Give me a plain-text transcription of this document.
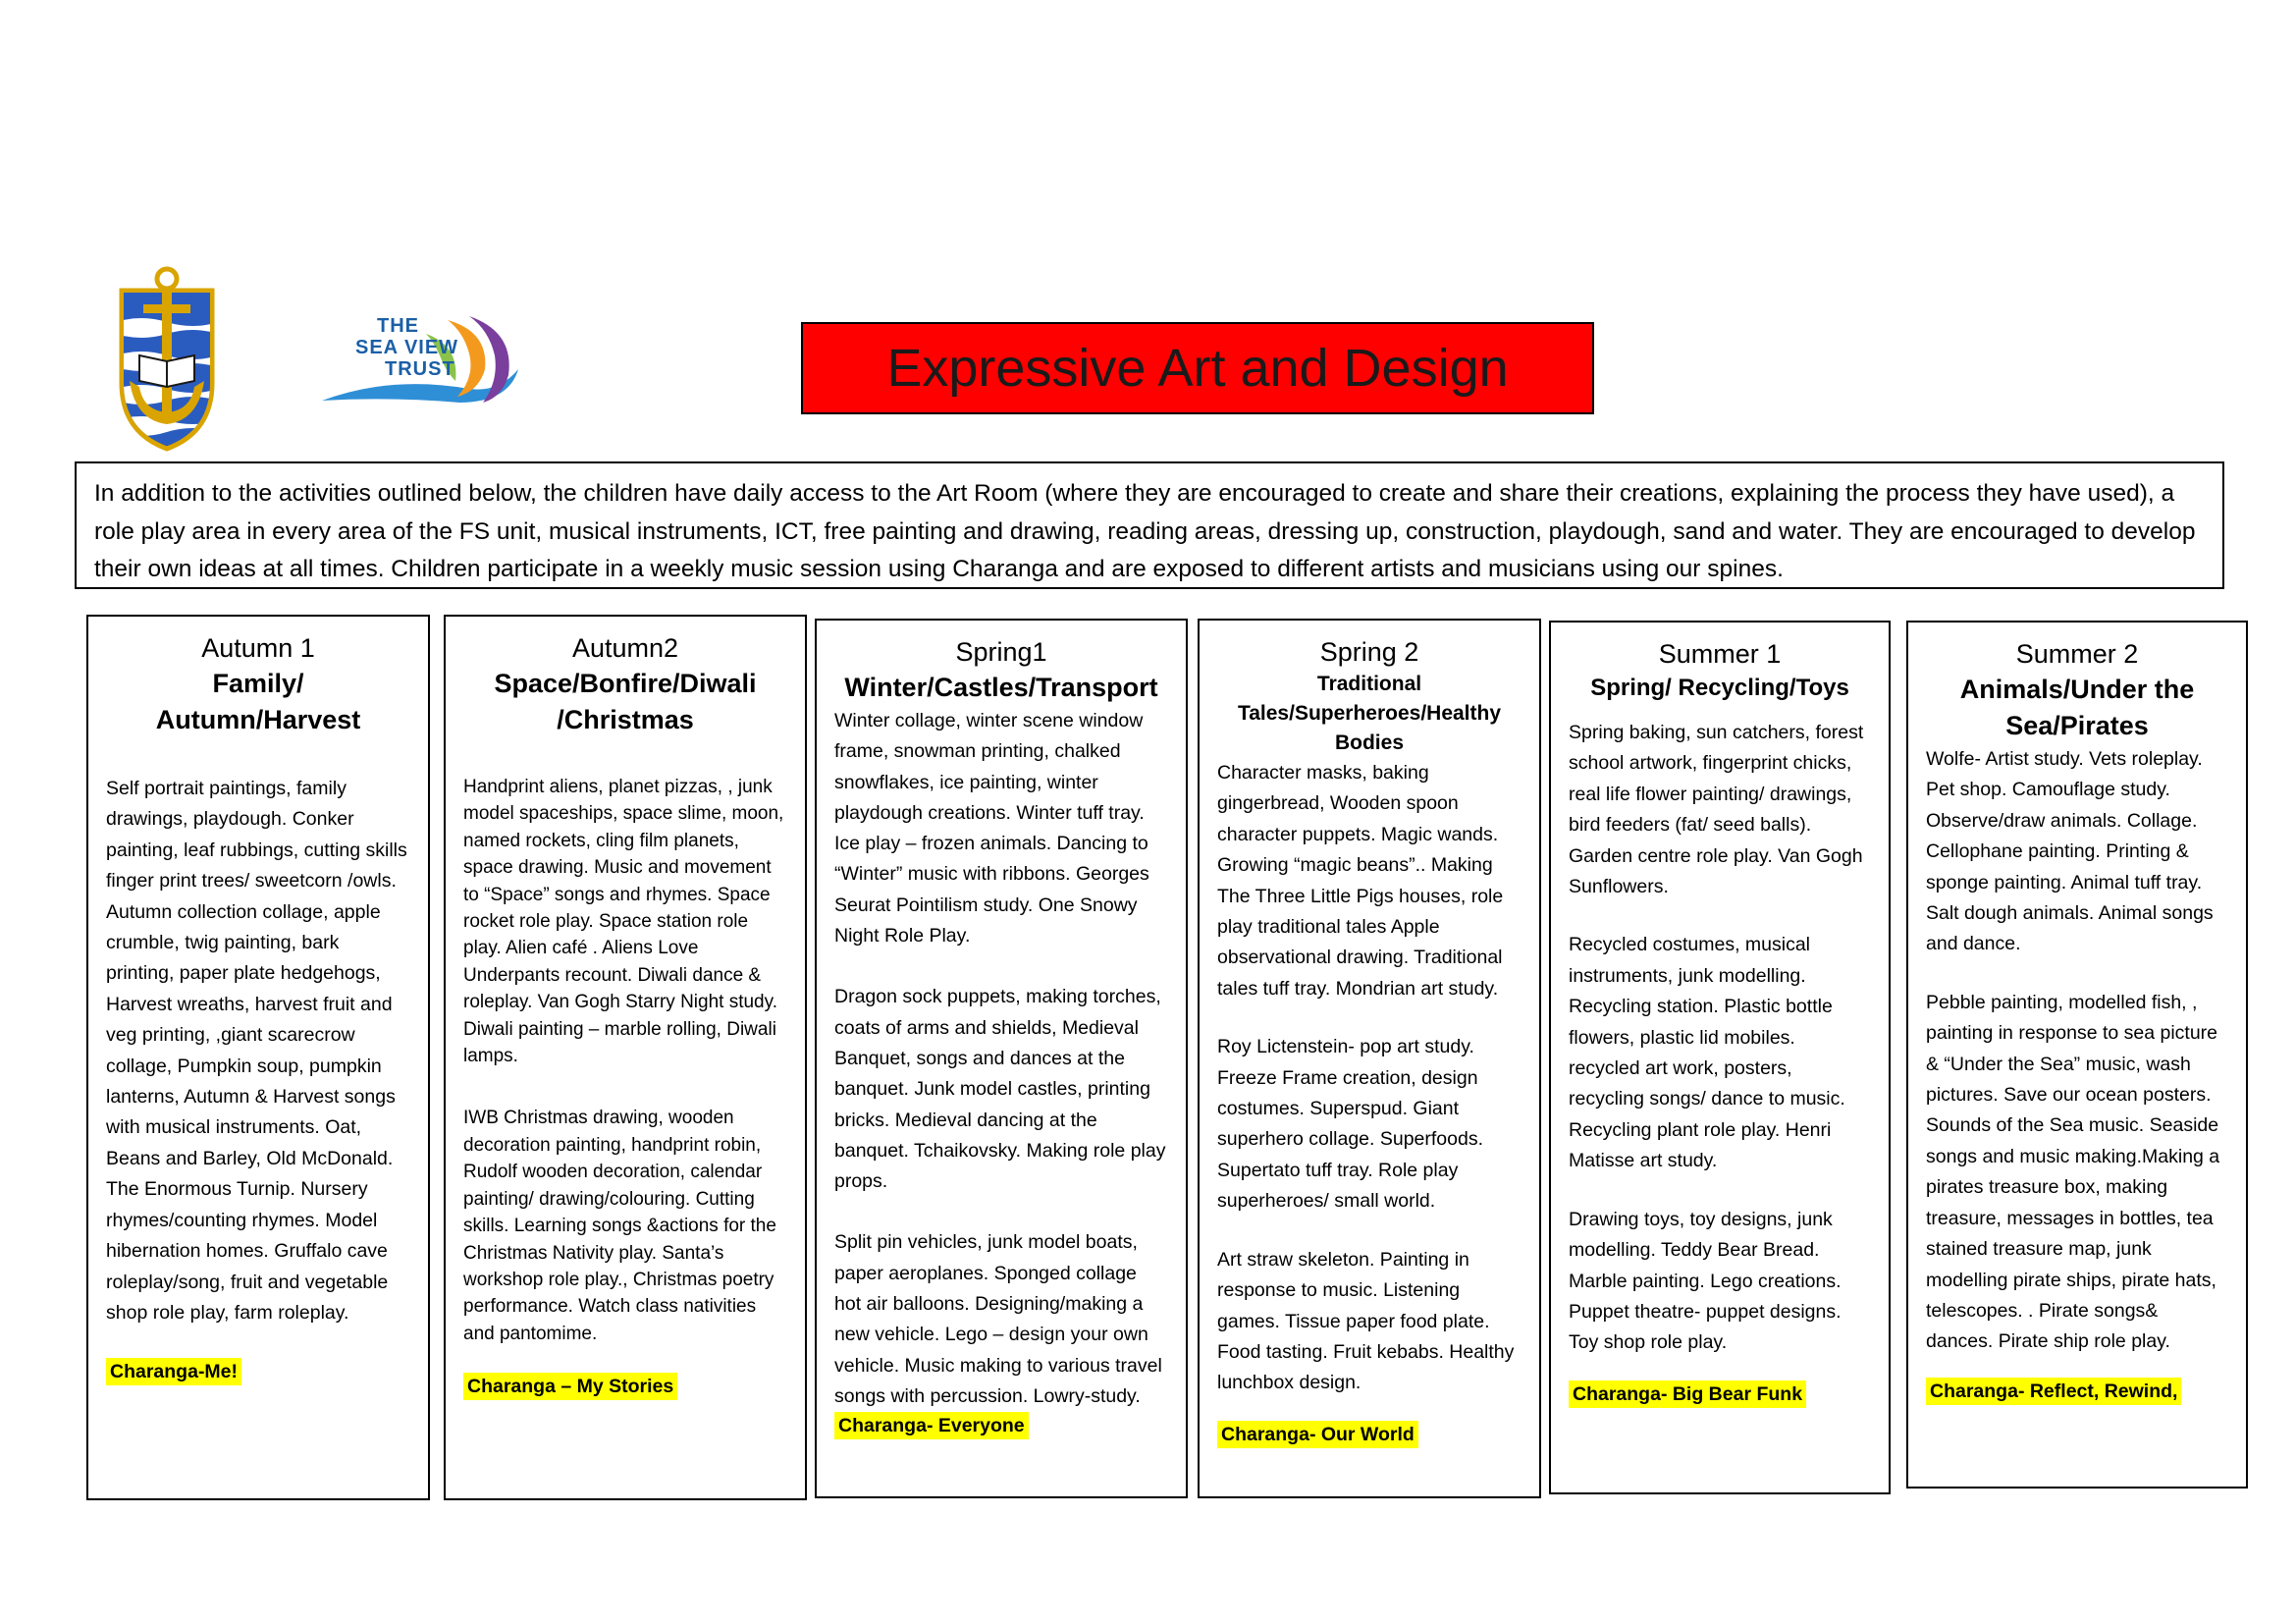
THE
SEA VIEW
TRUST	Expressive Art and Design
In addition to the activities outlined below, the children have daily access to the Art Room (where they are encouraged to create and share their creations, explaining the process they have used), a role play area in every area of the FS unit, musical instruments, ICT, free painting and drawing, reading areas, dressing up, construction, playdough, sand and water. They are encouraged to develop their own ideas at all times. Children participate in a weekly music session using Charanga and are exposed to different artists and musicians using our spines.
Autumn 1
Family/ Autumn/Harvest

Self portrait paintings, family drawings, playdough. Conker painting, leaf rubbings, cutting skills finger print trees/ sweetcorn /owls. Autumn collection collage, apple crumble, twig painting, bark printing, paper plate hedgehogs, Harvest wreaths, harvest fruit and veg printing, ,giant scarecrow collage, Pumpkin soup, pumpkin lanterns, Autumn & Harvest songs with musical instruments. Oat, Beans and Barley, Old McDonald. The Enormous Turnip. Nursery rhymes/counting rhymes. Model hibernation homes. Gruffalo cave roleplay/song, fruit and vegetable shop role play, farm roleplay.

Charanga-Me!
Autumn2
Space/Bonfire/Diwali /Christmas

Handprint aliens, planet pizzas, , junk model spaceships, space slime, moon, named rockets, cling film planets, space drawing. Music and movement to “Space” songs and rhymes. Space rocket role play. Space station role play. Alien café . Aliens Love Underpants recount. Diwali dance & roleplay. Van Gogh Starry Night study. Diwali painting – marble rolling, Diwali lamps.

IWB Christmas drawing, wooden decoration painting, handprint robin, Rudolf wooden decoration, calendar painting/ drawing/colouring. Cutting skills. Learning songs &actions for the Christmas Nativity play. Santa’s workshop role play., Christmas poetry performance. Watch class nativities and pantomime.

Charanga – My Stories
Spring1
Winter/Castles/Transport

Winter collage, winter scene window frame, snowman printing, chalked snowflakes, ice painting, winter playdough creations. Winter tuff tray. Ice play – frozen animals. Dancing to “Winter” music with ribbons. Georges Seurat Pointilism study. One Snowy Night Role Play.

Dragon sock puppets, making torches, coats of arms and shields, Medieval Banquet, songs and dances at the banquet. Junk model castles, printing bricks. Medieval dancing at the banquet. Tchaikovsky. Making role play props.

Split pin vehicles, junk model boats, paper aeroplanes. Sponged collage hot air balloons. Designing/making a new vehicle. Lego – design your own vehicle. Music making to various travel songs with percussion. Lowry-study.

Charanga- Everyone
Spring 2
Traditional Tales/Superheroes/Healthy Bodies

Character masks, baking gingerbread, Wooden spoon character puppets. Magic wands. Growing “magic beans”.. Making The Three Little Pigs houses, role play traditional tales Apple observational drawing. Traditional tales tuff tray. Mondrian art study.

Roy Lictenstein- pop art study. Freeze Frame creation, design costumes. Superspud. Giant superhero collage. Superfoods. Supertato tuff tray. Role play superheroes/ small world.

Art straw skeleton. Painting in response to music. Listening games. Tissue paper food plate. Food tasting. Fruit kebabs. Healthy lunchbox design.

Charanga- Our World
Summer 1
Spring/ Recycling/Toys

Spring baking, sun catchers, forest school artwork, fingerprint chicks, real life flower painting/ drawings, bird feeders (fat/ seed balls). Garden centre role play. Van Gogh Sunflowers.

Recycled costumes, musical instruments, junk modelling. Recycling station. Plastic bottle flowers, plastic lid mobiles. recycled art work, posters, recycling songs/ dance to music. Recycling plant role play. Henri Matisse art study.

Drawing toys, toy designs, junk modelling. Teddy Bear Bread. Marble painting. Lego creations. Puppet theatre- puppet designs. Toy shop role play.

Charanga- Big Bear Funk
Summer 2
Animals/Under the Sea/Pirates

Wolfe- Artist study. Vets roleplay. Pet shop. Camouflage study. Observe/draw animals. Collage. Cellophane painting. Printing & sponge painting. Animal tuff tray. Salt dough animals. Animal songs and dance.

Pebble painting, modelled fish, , painting in response to sea picture & “Under the Sea” music, wash pictures. Save our ocean posters. Sounds of the Sea music. Seaside songs and music making.Making a pirates treasure box, making treasure, messages in bottles, tea stained treasure map, junk modelling pirate ships, pirate hats, telescopes. . Pirate songs& dances. Pirate ship role play.

Charanga- Reflect, Rewind,
